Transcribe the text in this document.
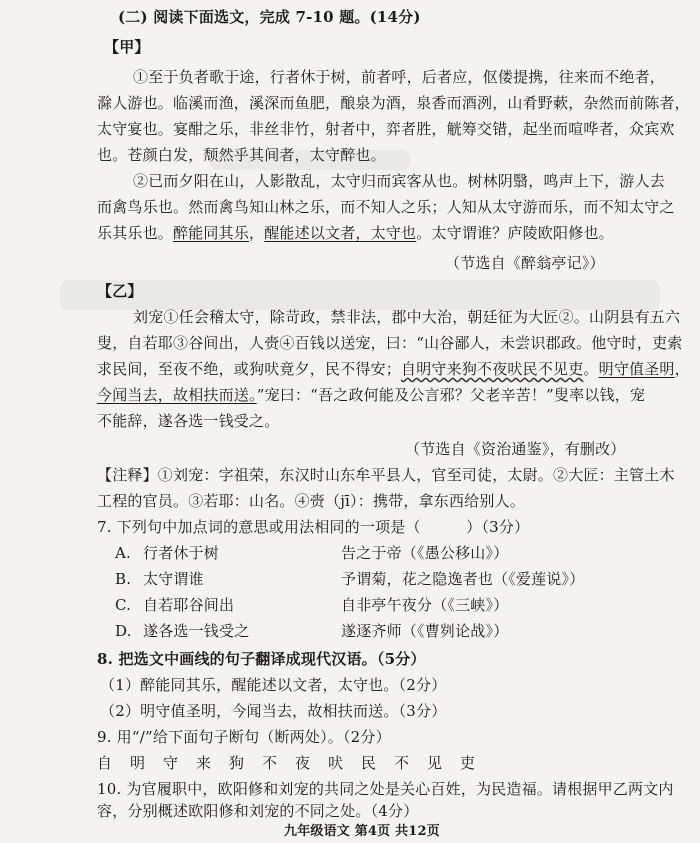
(二) 阅读下面选文，完成 7-10 题。(14分)
【甲】
①至于负者歌于途，行者休于树，前者呼，后者应，伛偻提携，往来而不绝者，
滁人游也。临溪而渔，溪深而鱼肥，酿泉为酒，泉香而酒洌，山肴野蔌，杂然而前陈者，
太守宴也。宴酣之乐，非丝非竹，射者中，弈者胜，觥筹交错，起坐而喧哗者，众宾欢
也。苍颜白发，颓然乎其间者，太守醉也。
②已而夕阳在山，人影散乱，太守归而宾客从也。树林阴翳，鸣声上下，游人去
而禽鸟乐也。然而禽鸟知山林之乐，而不知人之乐；人知从太守游而乐，而不知太守之
乐其乐也。醉能同其乐，醒能述以文者，太守也。太守谓谁？庐陵欧阳修也。
（节选自《醉翁亭记》）
【乙】
刘宠①任会稽太守，除苛政，禁非法，郡中大治，朝廷征为大匠②。山阴县有五六
叟，自若耶③谷间出，人赍④百钱以送宠，曰：“山谷鄙人，未尝识郡政。他守时，吏索
求民间，至夜不绝，或狗吠竟夕，民不得安；自明守来狗不夜吠民不见吏。明守值圣明，
今闻当去，故相扶而送。”宠曰：“吾之政何能及公言邪？父老辛苦！”叟率以钱，宠
不能辞，遂各选一钱受之。
（节选自《资治通鉴》，有删改）
【注释】①刘宠：字祖荣，东汉时山东牟平县人，官至司徒，太尉。②大匠：主管土木
工程的官员。③若耶：山名。④赍（jī）：携带，拿东西给别人。
7. 下列句中加点词的意思或用法相同的一项是（　　　）（3分）
A. 行者休于树	告之于帝（《愚公移山》）
B. 太守谓谁	予谓菊，花之隐逸者也（《爱莲说》）
C. 自若耶谷间出	自非亭午夜分（《三峡》）
D. 遂各选一钱受之	遂逐齐师（《曹刿论战》）
8. 把选文中画线的句子翻译成现代汉语。（5分）
（1）醉能同其乐，醒能述以文者，太守也。（2分）
（2）明守值圣明，今闻当去，故相扶而送。（3分）
9. 用“/”给下面句子断句（断两处）。（2分）
自 明 守 来 狗 不 夜 吠 民 不 见 吏
10. 为官履职中，欧阳修和刘宠的共同之处是关心百姓，为民造福。请根据甲乙两文内
容，分别概述欧阳修和刘宠的不同之处。（4分）
九年级语文 第4页 共12页
